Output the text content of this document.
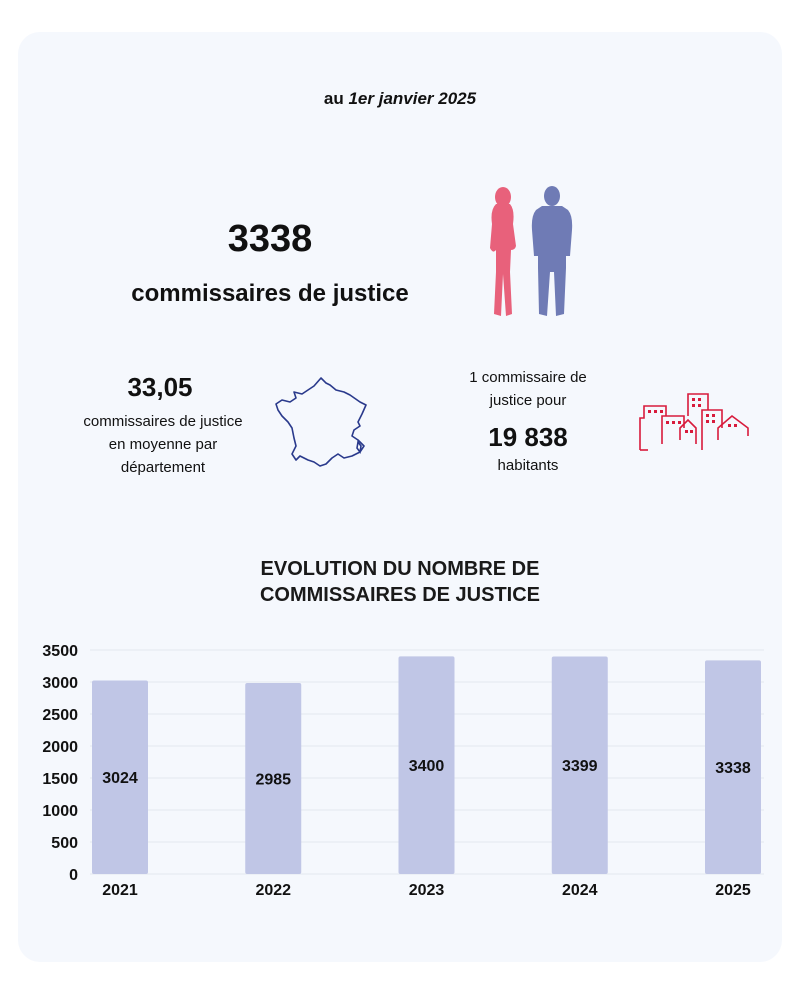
au 1er janvier 2025
3338
commissaires de justice
33,05
commissaires de justice
en moyenne par
département
1 commissaire de
justice pour
19 838
habitants
EVOLUTION DU NOMBRE DE
COMMISSAIRES DE JUSTICE
0
500
1000
1500
2000
2500
3000
3500
3024	2985
3400	3399	3338
2021	2022	2023	2024	2025
